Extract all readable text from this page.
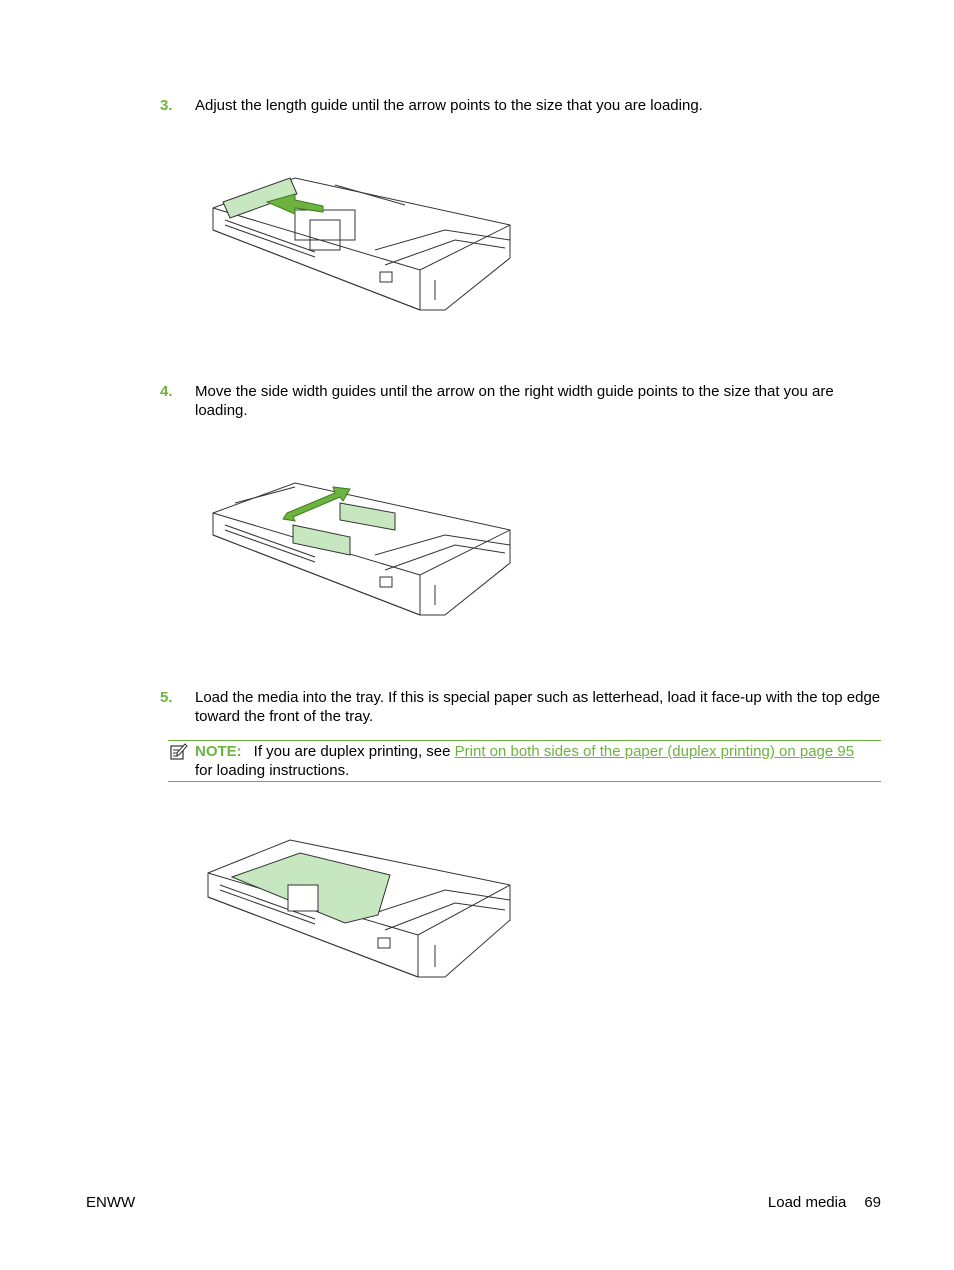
3.	Adjust the length guide until the arrow points to the size that you are loading.
4.	Move the side width guides until the arrow on the right width guide points to the size that you are loading.
5.	Load the media into the tray. If this is special paper such as letterhead, load it face-up with the top edge toward the front of the tray.
NOTE: If you are duplex printing, see Print on both sides of the paper (duplex printing) on page 95 for loading instructions.
ENWW	Load media 69
